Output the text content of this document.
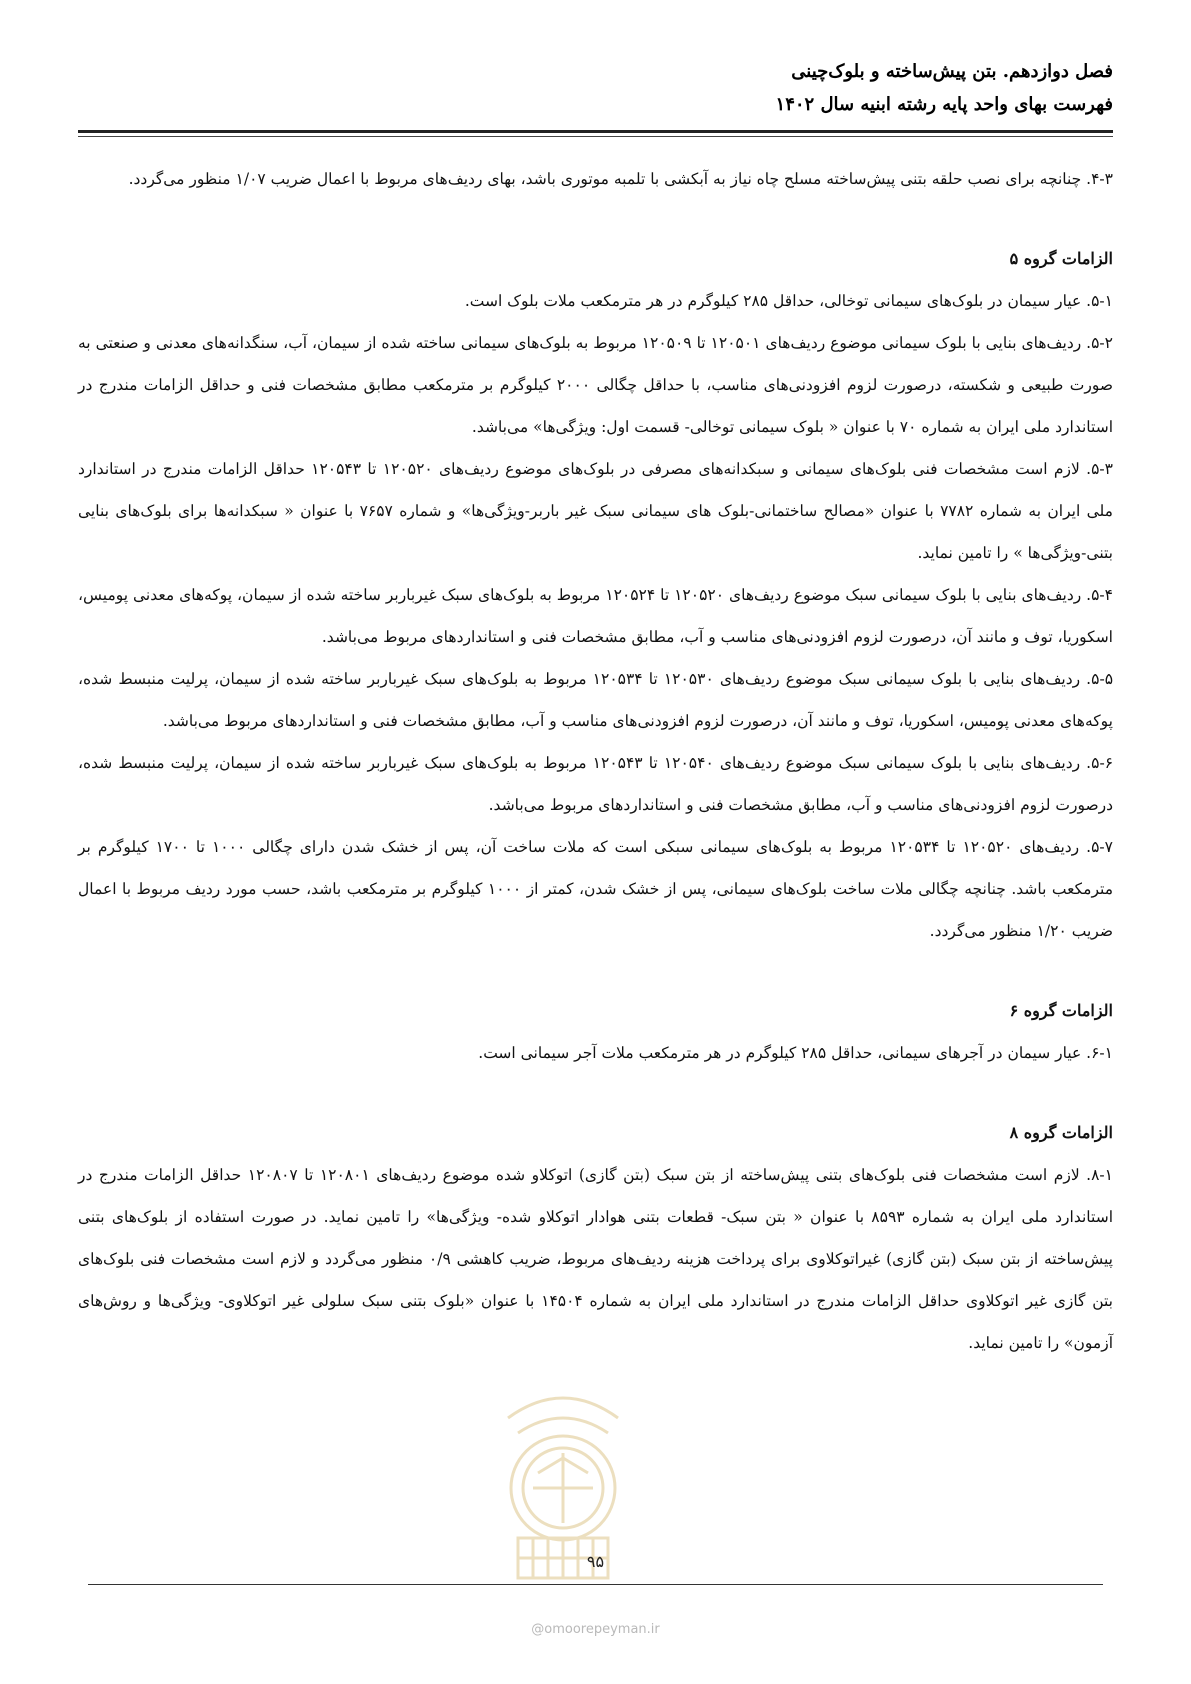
فصل دوازدهم. بتن پیش‌ساخته و بلوک‌چینی
فهرست بهای واحد پایه رشته ابنیه سال ۱۴۰۲

۴-۳. چنانچه برای نصب حلقه بتنی پیش‌ساخته مسلح چاه نیاز به آبکشی با تلمبه موتوری باشد، بهای ردیف‌های مربوط با اعمال ضریب ۱/۰۷ منظور می‌گردد.

الزامات گروه ۵

۵-۱. عیار سیمان در بلوک‌های سیمانی توخالی، حداقل ۲۸۵ کیلوگرم در هر مترمکعب ملات بلوک است.

۵-۲. ردیف‌های بنایی با بلوک سیمانی موضوع ردیف‌های ۱۲۰۵۰۱ تا ۱۲۰۵۰۹ مربوط به بلوک‌های سیمانی ساخته شده از سیمان، آب، سنگدانه‌های معدنی و صنعتی به صورت طبیعی و شکسته، درصورت لزوم افزودنی‌های مناسب، با حداقل چگالی ۲۰۰۰ کیلوگرم بر مترمکعب مطابق مشخصات فنی و حداقل الزامات مندرج در استاندارد ملی ایران به شماره ۷۰ با عنوان « بلوک سیمانی توخالی- قسمت اول: ویژگی‌ها» می‌باشد.

۵-۳. لازم است مشخصات فنی بلوک‌های سیمانی و سبکدانه‌های مصرفی در بلوک‌های موضوع ردیف‌های ۱۲۰۵۲۰ تا ۱۲۰۵۴۳ حداقل الزامات مندرج در استاندارد ملی ایران به شماره ۷۷۸۲ با عنوان «مصالح ساختمانی-بلوک های سیمانی سبک غیر باربر-ویژگی‌ها» و شماره ۷۶۵۷ با عنوان « سبکدانه‌ها برای بلوک‌های بنایی بتنی-ویژگی‌ها » را تامین نماید.

۵-۴. ردیف‌های بنایی با بلوک سیمانی سبک موضوع ردیف‌های ۱۲۰۵۲۰ تا ۱۲۰۵۲۴ مربوط به بلوک‌های سبک غیرباربر ساخته شده از سیمان، پوکه‌های معدنی پومیس، اسکوریا، توف و مانند آن، درصورت لزوم افزودنی‌های مناسب و آب، مطابق مشخصات فنی و استانداردهای مربوط می‌باشد.

۵-۵. ردیف‌های بنایی با بلوک سیمانی سبک موضوع ردیف‌های ۱۲۰۵۳۰ تا ۱۲۰۵۳۴ مربوط به بلوک‌های سبک غیرباربر ساخته شده از سیمان، پرلیت منبسط شده، پوکه‌های معدنی پومیس، اسکوریا، توف و مانند آن، درصورت لزوم افزودنی‌های مناسب و آب، مطابق مشخصات فنی و استانداردهای مربوط می‌باشد.

۵-۶. ردیف‌های بنایی با بلوک سیمانی سبک موضوع ردیف‌های ۱۲۰۵۴۰ تا ۱۲۰۵۴۳ مربوط به بلوک‌های سبک غیرباربر ساخته شده از سیمان، پرلیت منبسط شده، درصورت لزوم افزودنی‌های مناسب و آب، مطابق مشخصات فنی و استانداردهای مربوط می‌باشد.

۵-۷. ردیف‌های ۱۲۰۵۲۰ تا ۱۲۰۵۳۴ مربوط به بلوک‌های سیمانی سبکی است که ملات ساخت آن، پس از خشک شدن دارای چگالی ۱۰۰۰ تا ۱۷۰۰ کیلوگرم بر مترمکعب باشد. چنانچه چگالی ملات ساخت بلوک‌های سیمانی، پس از خشک شدن، کمتر از ۱۰۰۰ کیلوگرم بر مترمکعب باشد، حسب مورد ردیف مربوط با اعمال ضریب ۱/۲۰ منظور می‌گردد.

الزامات گروه ۶

۶-۱. عیار سیمان در آجرهای سیمانی، حداقل ۲۸۵ کیلوگرم در هر مترمکعب ملات آجر سیمانی است.

الزامات گروه ۸

۸-۱. لازم است مشخصات فنی بلوک‌های بتنی پیش‌ساخته از بتن سبک (بتن گازی) اتوکلاو شده موضوع ردیف‌های ۱۲۰۸۰۱ تا ۱۲۰۸۰۷ حداقل الزامات مندرج در استاندارد ملی ایران به شماره ۸۵۹۳ با عنوان « بتن سبک- قطعات بتنی هوادار اتوکلاو شده- ویژگی‌ها» را تامین نماید. در صورت استفاده از بلوک‌های بتنی پیش‌ساخته از بتن سبک (بتن گازی) غیراتوکلاوی برای پرداخت هزینه ردیف‌های مربوط، ضریب کاهشی ۰/۹ منظور می‌گردد و لازم است مشخصات فنی بلوک‌های بتن گازی غیر اتوکلاوی حداقل الزامات مندرج در استاندارد ملی ایران به شماره ۱۴۵۰۴ با عنوان «بلوک بتنی سبک سلولی غیر اتوکلاوی- ویژگی‌ها و روش‌های آزمون» را تامین نماید.

۹۵
@omoorepeyman.ir
